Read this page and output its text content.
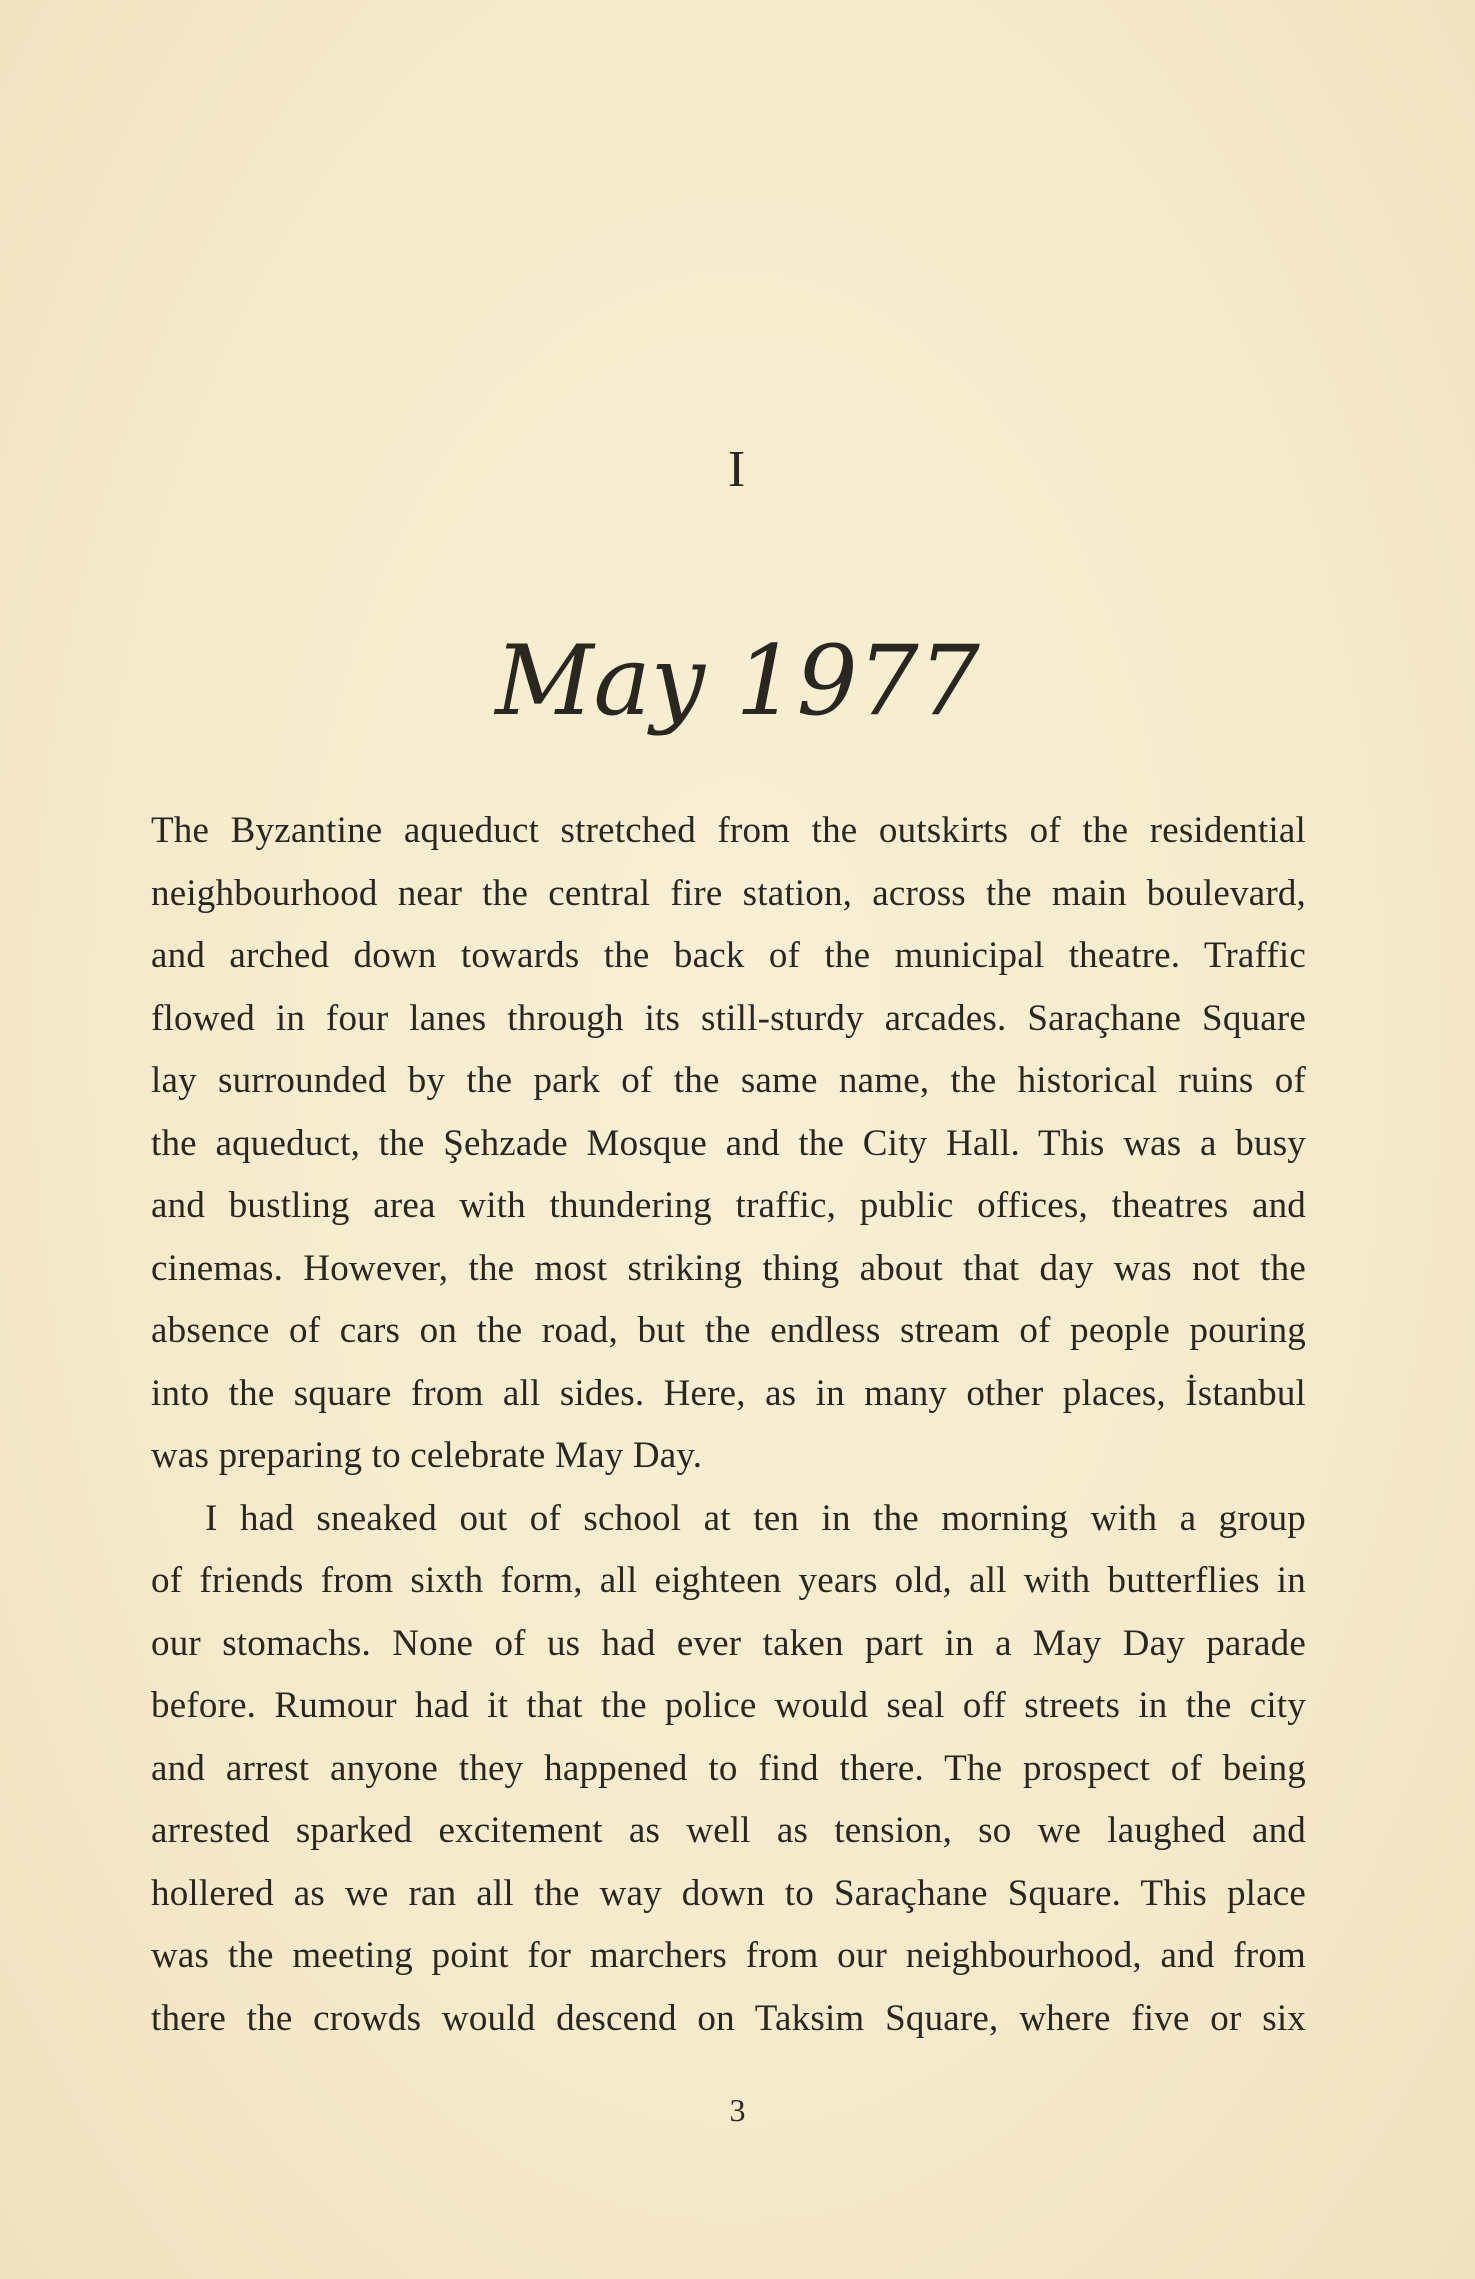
I
May 1977
The Byzantine aqueduct stretched from the outskirts of the residential
neighbourhood near the central fire station, across the main boulevard,
and arched down towards the back of the municipal theatre. Traffic
flowed in four lanes through its still-sturdy arcades. Saraçhane Square
lay surrounded by the park of the same name, the historical ruins of
the aqueduct, the Şehzade Mosque and the City Hall. This was a busy
and bustling area with thundering traffic, public offices, theatres and
cinemas. However, the most striking thing about that day was not the
absence of cars on the road, but the endless stream of people pouring
into the square from all sides. Here, as in many other places, İstanbul
was preparing to celebrate May Day.
I had sneaked out of school at ten in the morning with a group
of friends from sixth form, all eighteen years old, all with butterflies in
our stomachs. None of us had ever taken part in a May Day parade
before. Rumour had it that the police would seal off streets in the city
and arrest anyone they happened to find there. The prospect of being
arrested sparked excitement as well as tension, so we laughed and
hollered as we ran all the way down to Saraçhane Square. This place
was the meeting point for marchers from our neighbourhood, and from
there the crowds would descend on Taksim Square, where five or six
3
